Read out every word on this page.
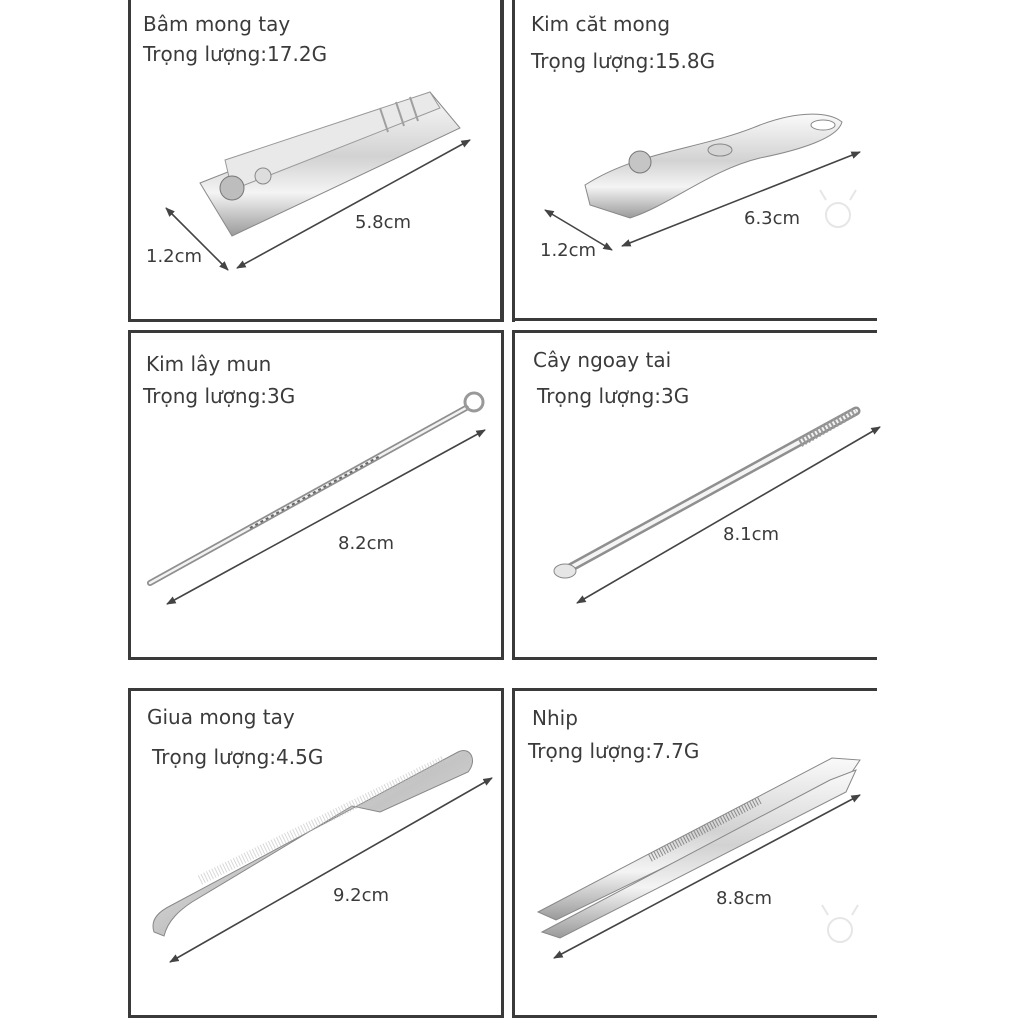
Bâm mong tay
Trọng lượng:17.2G
5.8cm
1.2cm
Kim căt mong
Trọng lượng:15.8G
6.3cm
1.2cm
Kim lây mun
Trọng lượng:3G
8.2cm
Cây ngoay tai
Trọng lượng:3G
8.1cm
Giua mong tay
Trọng lượng:4.5G
9.2cm
Nhip
Trọng lượng:7.7G
8.8cm
